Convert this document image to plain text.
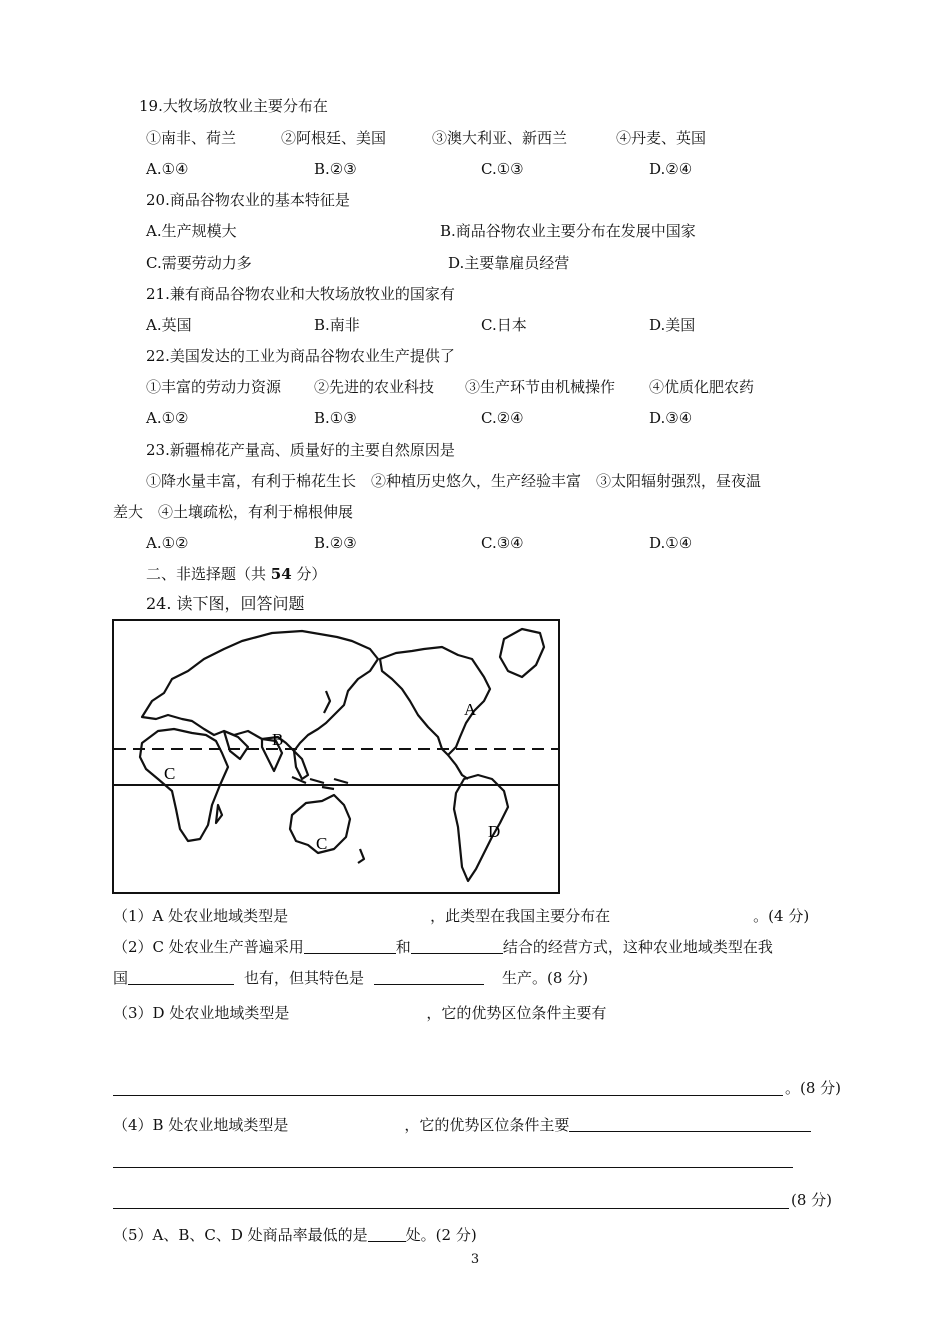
19.大牧场放牧业主要分布在
①南非、荷兰	②阿根廷、美国	③澳大利亚、新西兰	④丹麦、英国
A.①④	B.②③	C.①③	D.②④
20.商品谷物农业的基本特征是
A.生产规模大	B.商品谷物农业主要分布在发展中国家
C.需要劳动力多	D.主要靠雇员经营
21.兼有商品谷物农业和大牧场放牧业的国家有
A.英国	B.南非	C.日本	D.美国
22.美国发达的工业为商品谷物农业生产提供了
①丰富的劳动力资源 ②先进的农业科技 ③生产环节由机械操作 ④优质化肥农药
A.①②	B.①③	C.②④	D.③④
23.新疆棉花产量高、质量好的主要自然原因是
①降水量丰富，有利于棉花生长　②种植历史悠久，生产经验丰富　③太阳辐射强烈，昼夜温
差大　④土壤疏松，有利于棉根伸展
A.①②	B.②③	C.③④	D.①④
二、非选择题（共 54 分）
24. 读下图，回答问题
A
B
C
C
D
（1）A 处农业地域类型是	，此类型在我国主要分布在	。(4 分)
（2）C 处农业生产普遍采用	和	结合的经营方式，这种农业地域类型在我
国	也有，但其特色是	生产。(8 分)
（3）D 处农业地域类型是	，它的优势区位条件主要有
。(8 分)
（4）B 处农业地域类型是	，它的优势区位条件主要
(8 分)
（5）A、B、C、D 处商品率最低的是	处。(2 分)
3
